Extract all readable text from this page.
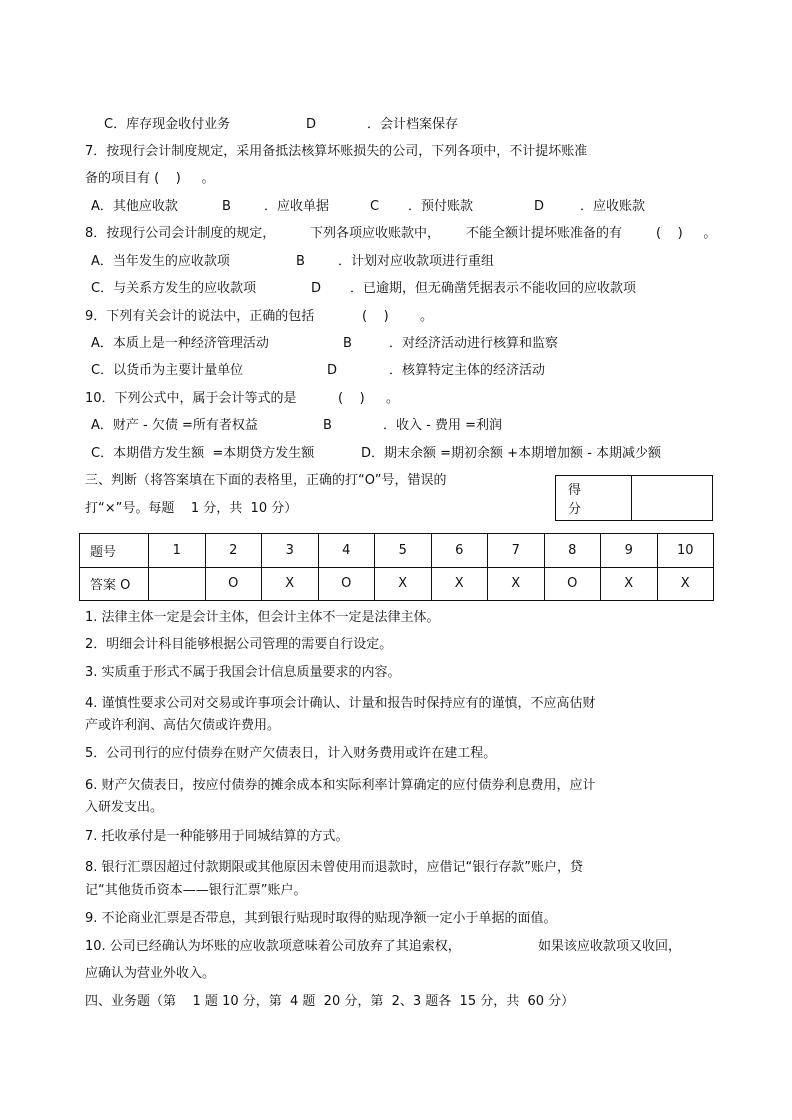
C．库存现金收付业务	D	．会计档案保存
7．按现行会计制度规定，采用备抵法核算坏账损失的公司，下列各项中，不计提坏账准
备的项目有 (    )     。
A．其他应收款	B	．应收单据	C ．预付账款	D	．应收账款
8．按现行公司会计制度的规定，	下列各项应收账款中， 不能全额计提坏账准备的有	(    )     。
A．当年发生的应收款项	B	．计划对应收款项进行重组
C．与关系方发生的应收款项	D ．已逾期，但无确凿凭据表示不能收回的应收款项
9．下列有关会计的说法中，正确的包括	(    ) 。
A．本质上是一种经济管理活动	B	．对经济活动进行核算和监察
C．以货币为主要计量单位	D	．核算特定主体的经济活动
10．下列公式中，属于会计等式的是	(    ) 。
A．财产 - 欠债 =所有者权益	B	．收入 - 费用 =利润
C．本期借方发生额  =本期贷方发生额	D．期末余额 =期初余额 +本期增加额 - 本期减少额
三、判断（将答案填在下面的表格里，正确的打“O”号，错误的
打“×”号。每题    1 分，共  10 分）
得分
题号	1	2	3	4	5	6	7	8	9	10
答案 O		O	X	O	X	X	X	O	X	X
1. 法律主体一定是会计主体，但会计主体不一定是法律主体。
2．明细会计科目能够根据公司管理的需要自行设定。
3. 实质重于形式不属于我国会计信息质量要求的内容。
4. 谨慎性要求公司对交易或许事项会计确认、计量和报告时保持应有的谨慎，不应高估财
产或许利润、高估欠债或许费用。
5．公司刊行的应付债券在财产欠债表日，计入财务费用或许在建工程。
6. 财产欠债表日，按应付债券的摊余成本和实际利率计算确定的应付债券利息费用，应计
入研发支出。
7. 托收承付是一种能够用于同城结算的方式。
8. 银行汇票因超过付款期限或其他原因未曾使用而退款时，应借记“银行存款”账户，贷
记“其他货币资本——银行汇票”账户。
9. 不论商业汇票是否带息，其到银行贴现时取得的贴现净额一定小于单据的面值。
10. 公司已经确认为坏账的应收款项意味着公司放弃了其追索权，	如果该应收款项又收回，
应确认为营业外收入。
四、业务题（第    1 题 10 分，第  4 题  20 分，第  2、3 题各  15 分，共  60 分）
